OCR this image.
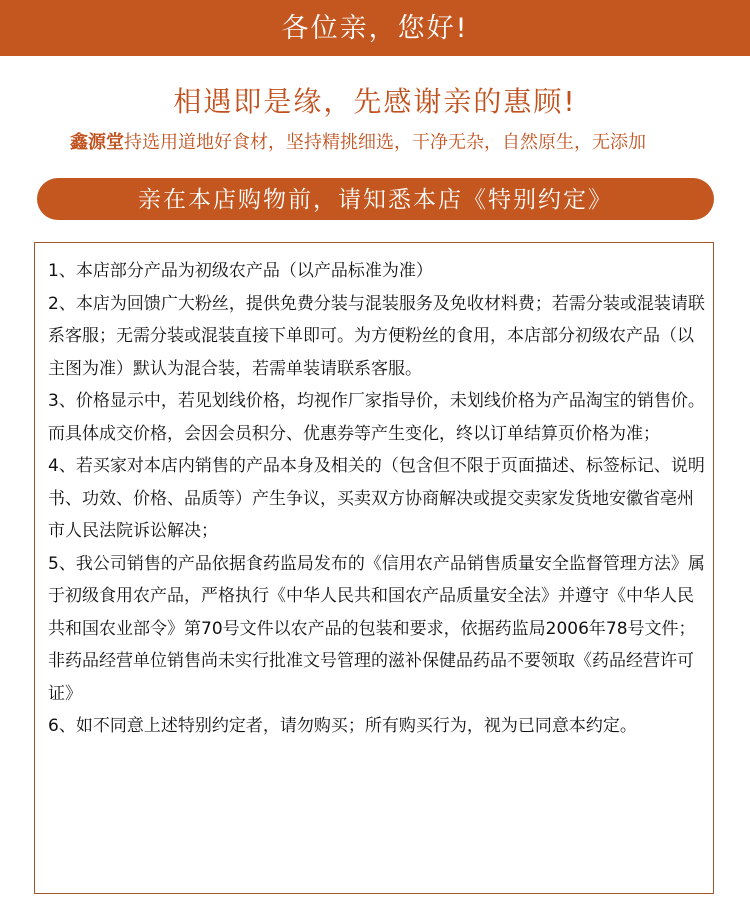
各位亲，您好!
相遇即是缘，先感谢亲的惠顾!
鑫源堂持选用道地好食材，坚持精挑细选，干净无杂，自然原生，无添加
亲在本店购物前，请知悉本店《特别约定》

1、本店部分产品为初级农产品（以产品标准为准）

2、本店为回馈广大粉丝，提供免费分装与混装服务及免收材料费；若需分装或混装请联系客服；无需分装或混装直接下单即可。为方便粉丝的食用，本店部分初级农产品（以主图为准）默认为混合装，若需单装请联系客服。

3、价格显示中，若见划线价格，均视作厂家指导价，未划线价格为产品淘宝的销售价。而具体成交价格，会因会员积分、优惠券等产生变化，终以订单结算页价格为准；

4、若买家对本店内销售的产品本身及相关的（包含但不限于页面描述、标签标记、说明书、功效、价格、品质等）产生争议，买卖双方协商解决或提交卖家发货地安徽省亳州市人民法院诉讼解决；

5、我公司销售的产品依据食药监局发布的《信用农产品销售质量安全监督管理方法》属于初级食用农产品，严格执行《中华人民共和国农产品质量安全法》并遵守《中华人民共和国农业部令》第70号文件以农产品的包装和要求，依据药监局2006年78号文件；非药品经营单位销售尚未实行批准文号管理的滋补保健品药品不要领取《药品经营许可证》

6、如不同意上述特别约定者，请勿购买；所有购买行为，视为已同意本约定。
